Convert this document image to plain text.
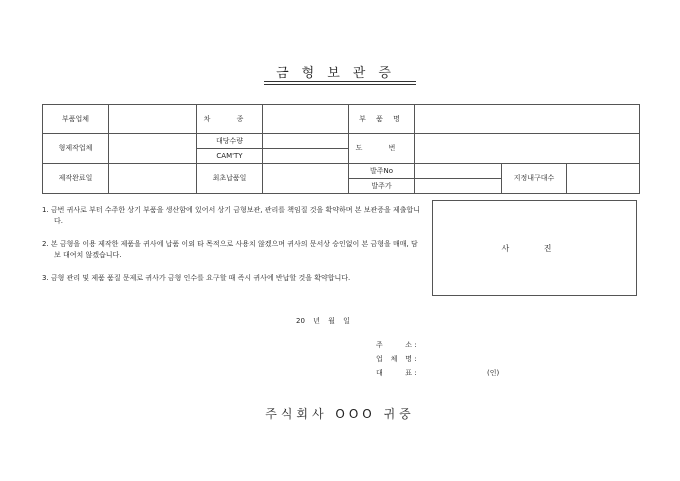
금형보관증
부품업체		차 종		부 품 명			
형제작업체		대당수량		도 번			
		CAM'TY					
제작완료일		최초납품일		발주No		지정내구대수	
				발주가			

1. 금번 귀사로 부터 수주한 상기 부품을 생산함에 있어서 상기 금형보관, 관리를 책임질 것을 확약하며 본 보관증을 제출합니다.

2. 본 금형을 이용 제작한 제품을 귀사에 납품 이외 타 목적으로 사용치 않겠으며 귀사의 문서상 승인없이 본 금형을 매매, 담보 대여치 않겠습니다.

3. 금형 관리 및 제품 품질 문제로 귀사가 금형 인수를 요구할 때 즉시 귀사에 반납할 것을 확약합니다.

사 진
20 년 월 일
주 소 :
업 체 명 :
대 표 :	(인)
주식회사 OOO 귀중
